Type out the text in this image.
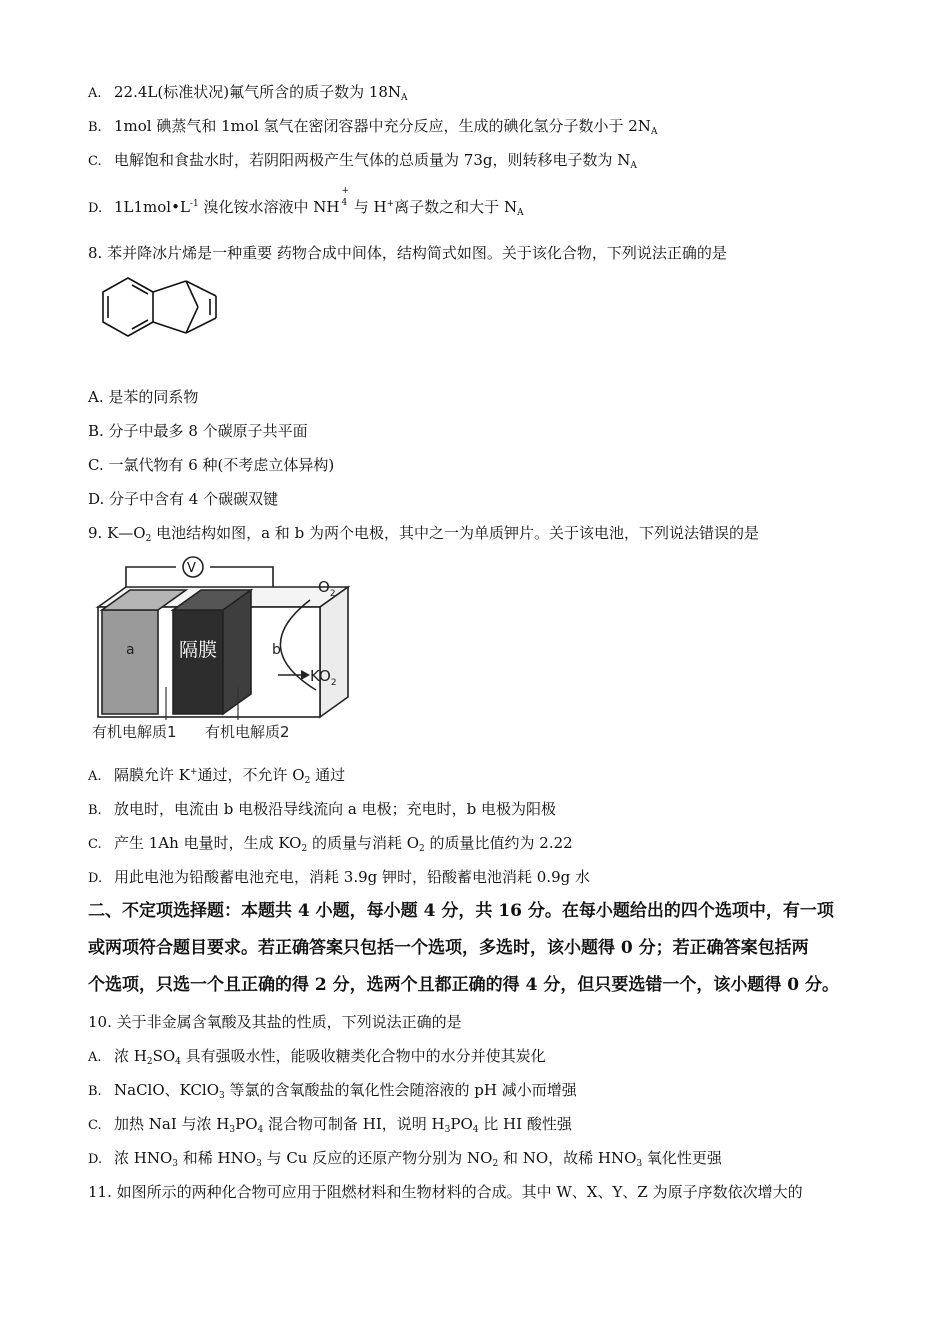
A. 22.4L(标准状况)氟气所含的质子数为 $18N_A$
B. 1mol 碘蒸气和 1mol 氢气在密闭容器中充分反应，生成的碘化氢分子数小于 $2N_A$
C. 电解饱和食盐水时，若阴阳两极产生气体的总质量为 73g，则转移电子数为 $N_A$
D. $1L1mol•L^{-1}$ 溴化铵水溶液中 NH
+
4 与 H+离子数之和大于 $N_A$
8. 苯并降冰片烯是一种重要 药物合成中间体，结构简式如图。关于该化合物，下列说法正确的是
A. 是苯的同系物
B. 分子中最多 8 个碳原子共平面
C. 一氯代物有 6 种(不考虑立体异构)
D. 分子中含有 4 个碳碳双键
9. $K—O_2$ 电池结构如图，a 和 b 为两个电极，其中之一为单质钾片。关于该电池，下列说法错误的是
V
a 隔膜	b
$O_2$
$KO_2$
有机电解质1 有机电解质2
A. 隔膜允许 K+通过，不允许 $O_2$ 通过
B. 放电时，电流由 b 电极沿导线流向 a 电极；充电时，b 电极为阳极
C. 产生 1Ah 电量时，生成 $KO_2$ 的质量与消耗 $O_2$ 的质量比值约为 2.22
D. 用此电池为铅酸蓄电池充电，消耗 3.9g 钾时，铅酸蓄电池消耗 0.9g 水
二、不定项选择题：本题共 4 小题，每小题 4 分，共 16 分。在每小题给出的四个选项中，有一项
或两项符合题目要求。若正确答案只包括一个选项，多选时，该小题得 0 分；若正确答案包括两
个选项，只选一个且正确的得 2 分，选两个且都正确的得 4 分，但只要选错一个，该小题得 0 分。
10. 关于非金属含氧酸及其盐的性质，下列说法正确的是
A. 浓 $H_2SO_4$ 具有强吸水性，能吸收糖类化合物中的水分并使其炭化
B. NaClO、KClO$_3$ 等氯的含氧酸盐的氧化性会随溶液的 pH 减小而增强
C. 加热 NaI 与浓 $H_3PO_4$ 混合物可制备 HI，说明 $H_3PO_4$ 比 HI 酸性强
D. 浓 $HNO_3$ 和稀 $HNO_3$ 与 Cu 反应的还原产物分别为 $NO_2$ 和 NO，故稀 $HNO_3$ 氧化性更强
11. 如图所示的两种化合物可应用于阻燃材料和生物材料的合成。其中 W、X、Y、Z 为原子序数依次增大的
